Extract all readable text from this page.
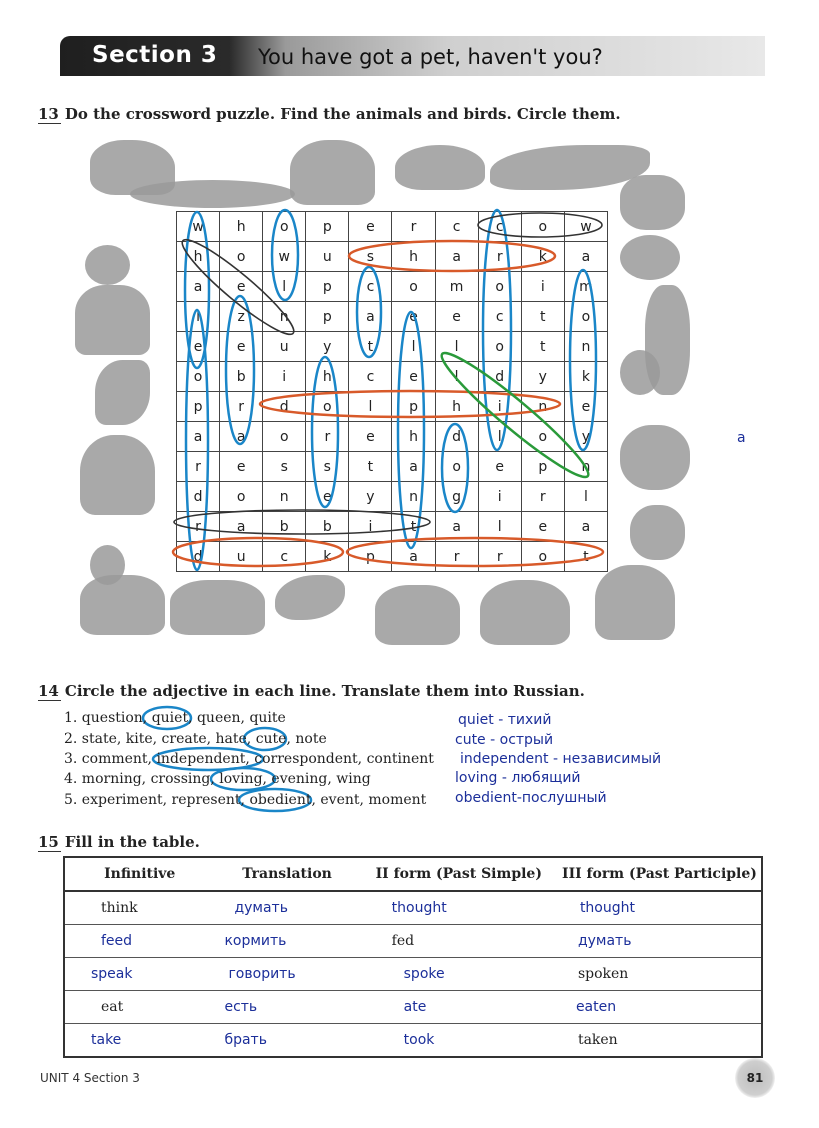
Section 3 You have got a pet, haven't you?
13 Do the crossword puzzle. Find the animals and birds. Circle them.
w	h	o	p	e	r	c	c	o	w
h	o	w	u	s	h	a	r	k	a
a	e	l	p	c	o	m	o	i	m
l	z	n	p	a	e	e	c	t	o
e	e	u	y	t	l	l	o	t	n
o	b	i	h	c	e	l	d	y	k
p	r	d	o	l	p	h	i	n	e
a	a	o	r	e	h	d	l	o	y
r	e	s	s	t	a	o	e	p	n
d	o	n	e	y	n	g	i	r	l
r	a	b	b	i	t	a	l	e	a
d	u	c	k	p	a	r	r	o	t
a
14 Circle the adjective in each line. Translate them into Russian.
1. question, quiet, queen, quite
2. state, kite, create, hate, cute, note
3. comment, independent, correspondent, continent
4. morning, crossing, loving, evening, wing
5. experiment, represent, obedient, event, moment
quiet - тихий
cute - острый
independent - независимый
loving - любящий
obedient-послушный
15 Fill in the table.
Infinitive	Translation	II form (Past Simple)	III form (Past Participle)
think	думать	thought	thought
feed	кормить	fed	думать
speak	говорить	spoke	spoken
eat	есть	ate	eaten
take	брать	took	taken
UNIT 4 Section 3	81
